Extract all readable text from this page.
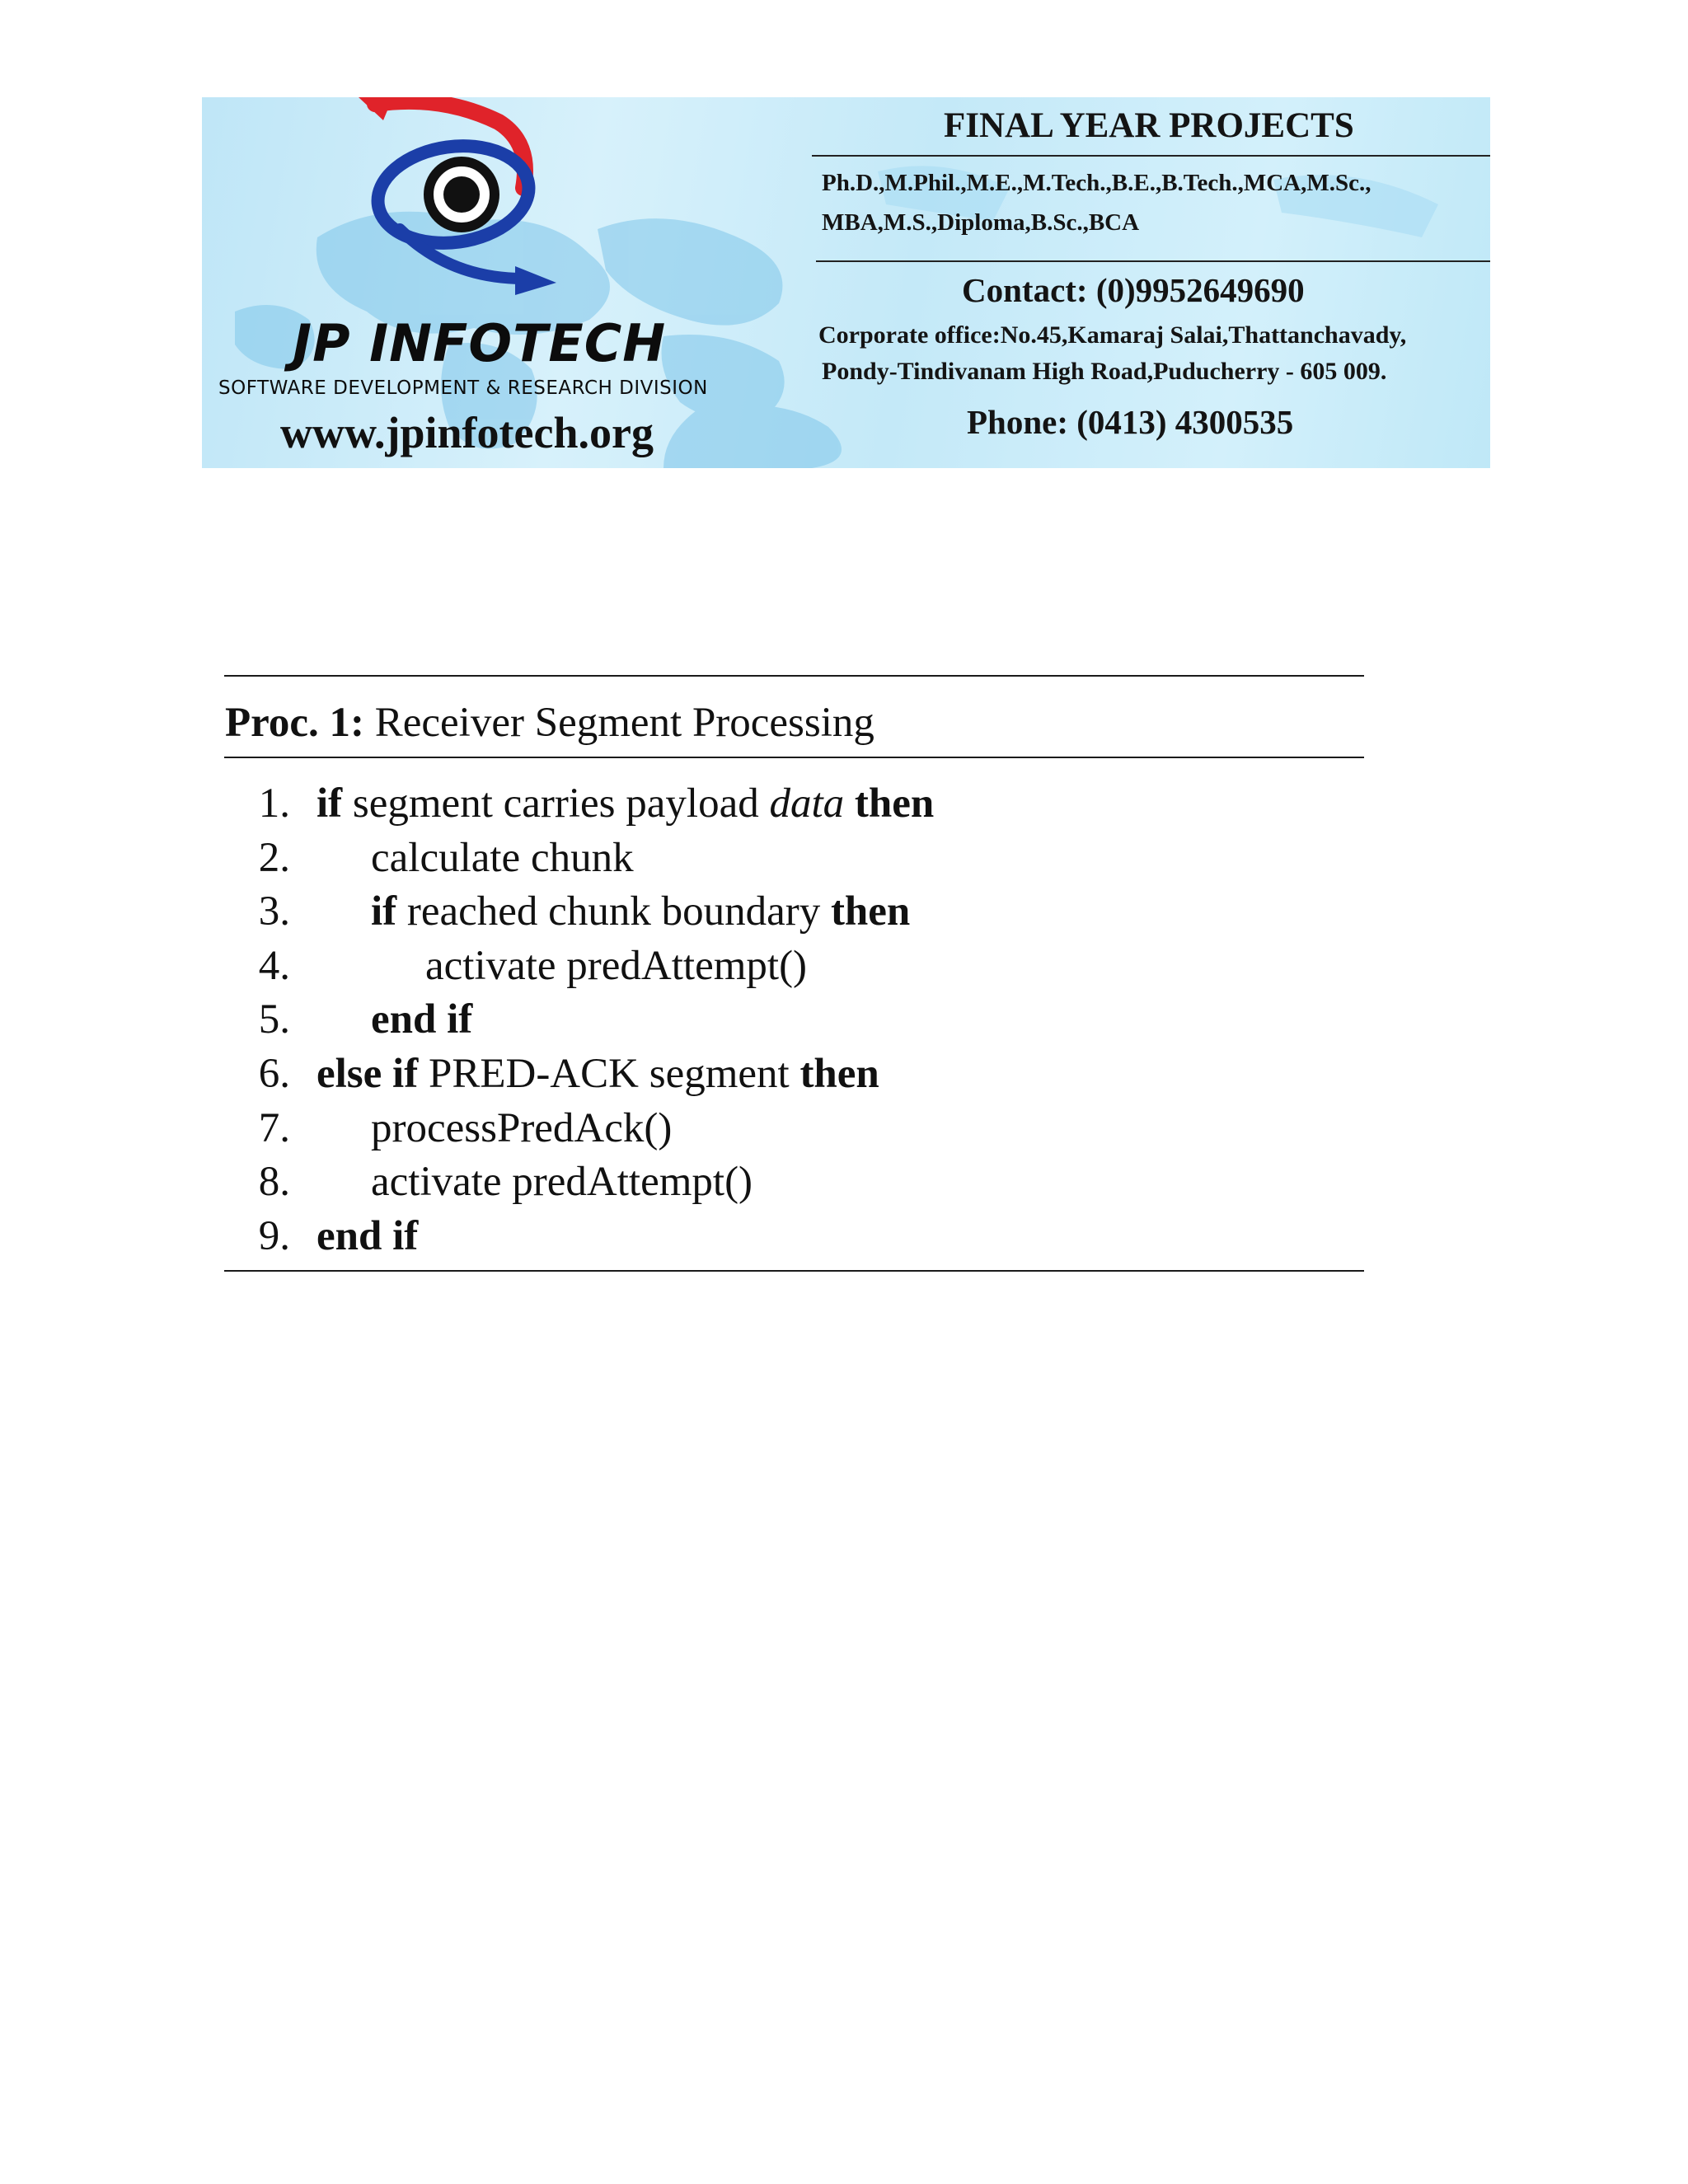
JP INFOTECH
SOFTWARE DEVELOPMENT & RESEARCH DIVISION
www.jpinfotech.org
FINAL YEAR PROJECTS
Ph.D.,M.Phil.,M.E.,M.Tech.,B.E.,B.Tech.,MCA,M.Sc.,
MBA,M.S.,Diploma,B.Sc.,BCA
Contact: (0)9952649690
Corporate office:No.45,Kamaraj Salai,Thattanchavady,
Pondy-Tindivanam High Road,Puducherry - 605 009.
Phone: (0413) 4300535
Proc. 1: Receiver Segment Processing
1. if segment carries payload data then
2. calculate chunk
3. if reached chunk boundary then
4.	activate predAttempt()
5. end if
6. else if PRED-ACK segment then
7. processPredAck()
8. activate predAttempt()
9. end if
